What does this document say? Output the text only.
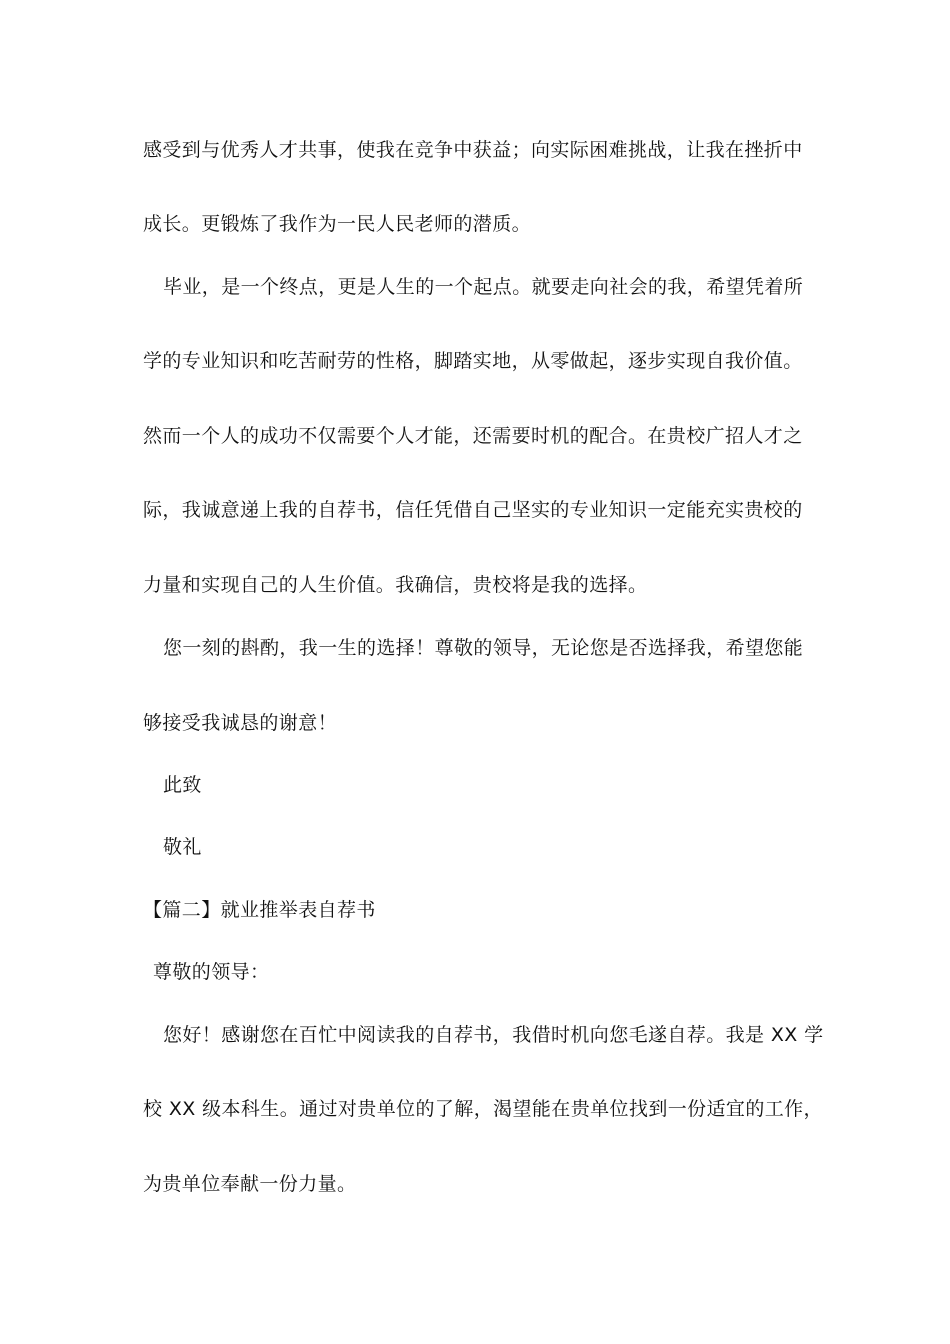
感受到与优秀人才共事，使我在竞争中获益；向实际困难挑战，让我在挫折中
成长。更锻炼了我作为一民人民老师的潜质。
毕业，是一个终点，更是人生的一个起点。就要走向社会的我，希望凭着所
学的专业知识和吃苦耐劳的性格，脚踏实地，从零做起，逐步实现自我价值。
然而一个人的成功不仅需要个人才能，还需要时机的配合。在贵校广招人才之
际，我诚意递上我的自荐书，信任凭借自己坚实的专业知识一定能充实贵校的
力量和实现自己的人生价值。我确信，贵校将是我的选择。
您一刻的斟酌，我一生的选择！尊敬的领导，无论您是否选择我，希望您能
够接受我诚恳的谢意！
此致
敬礼
【篇二】就业推举表自荐书
尊敬的领导：
您好！感谢您在百忙中阅读我的自荐书，我借时机向您毛遂自荐。我是 XX 学
校 XX 级本科生。通过对贵单位的了解，渴望能在贵单位找到一份适宜的工作，
为贵单位奉献一份力量。
